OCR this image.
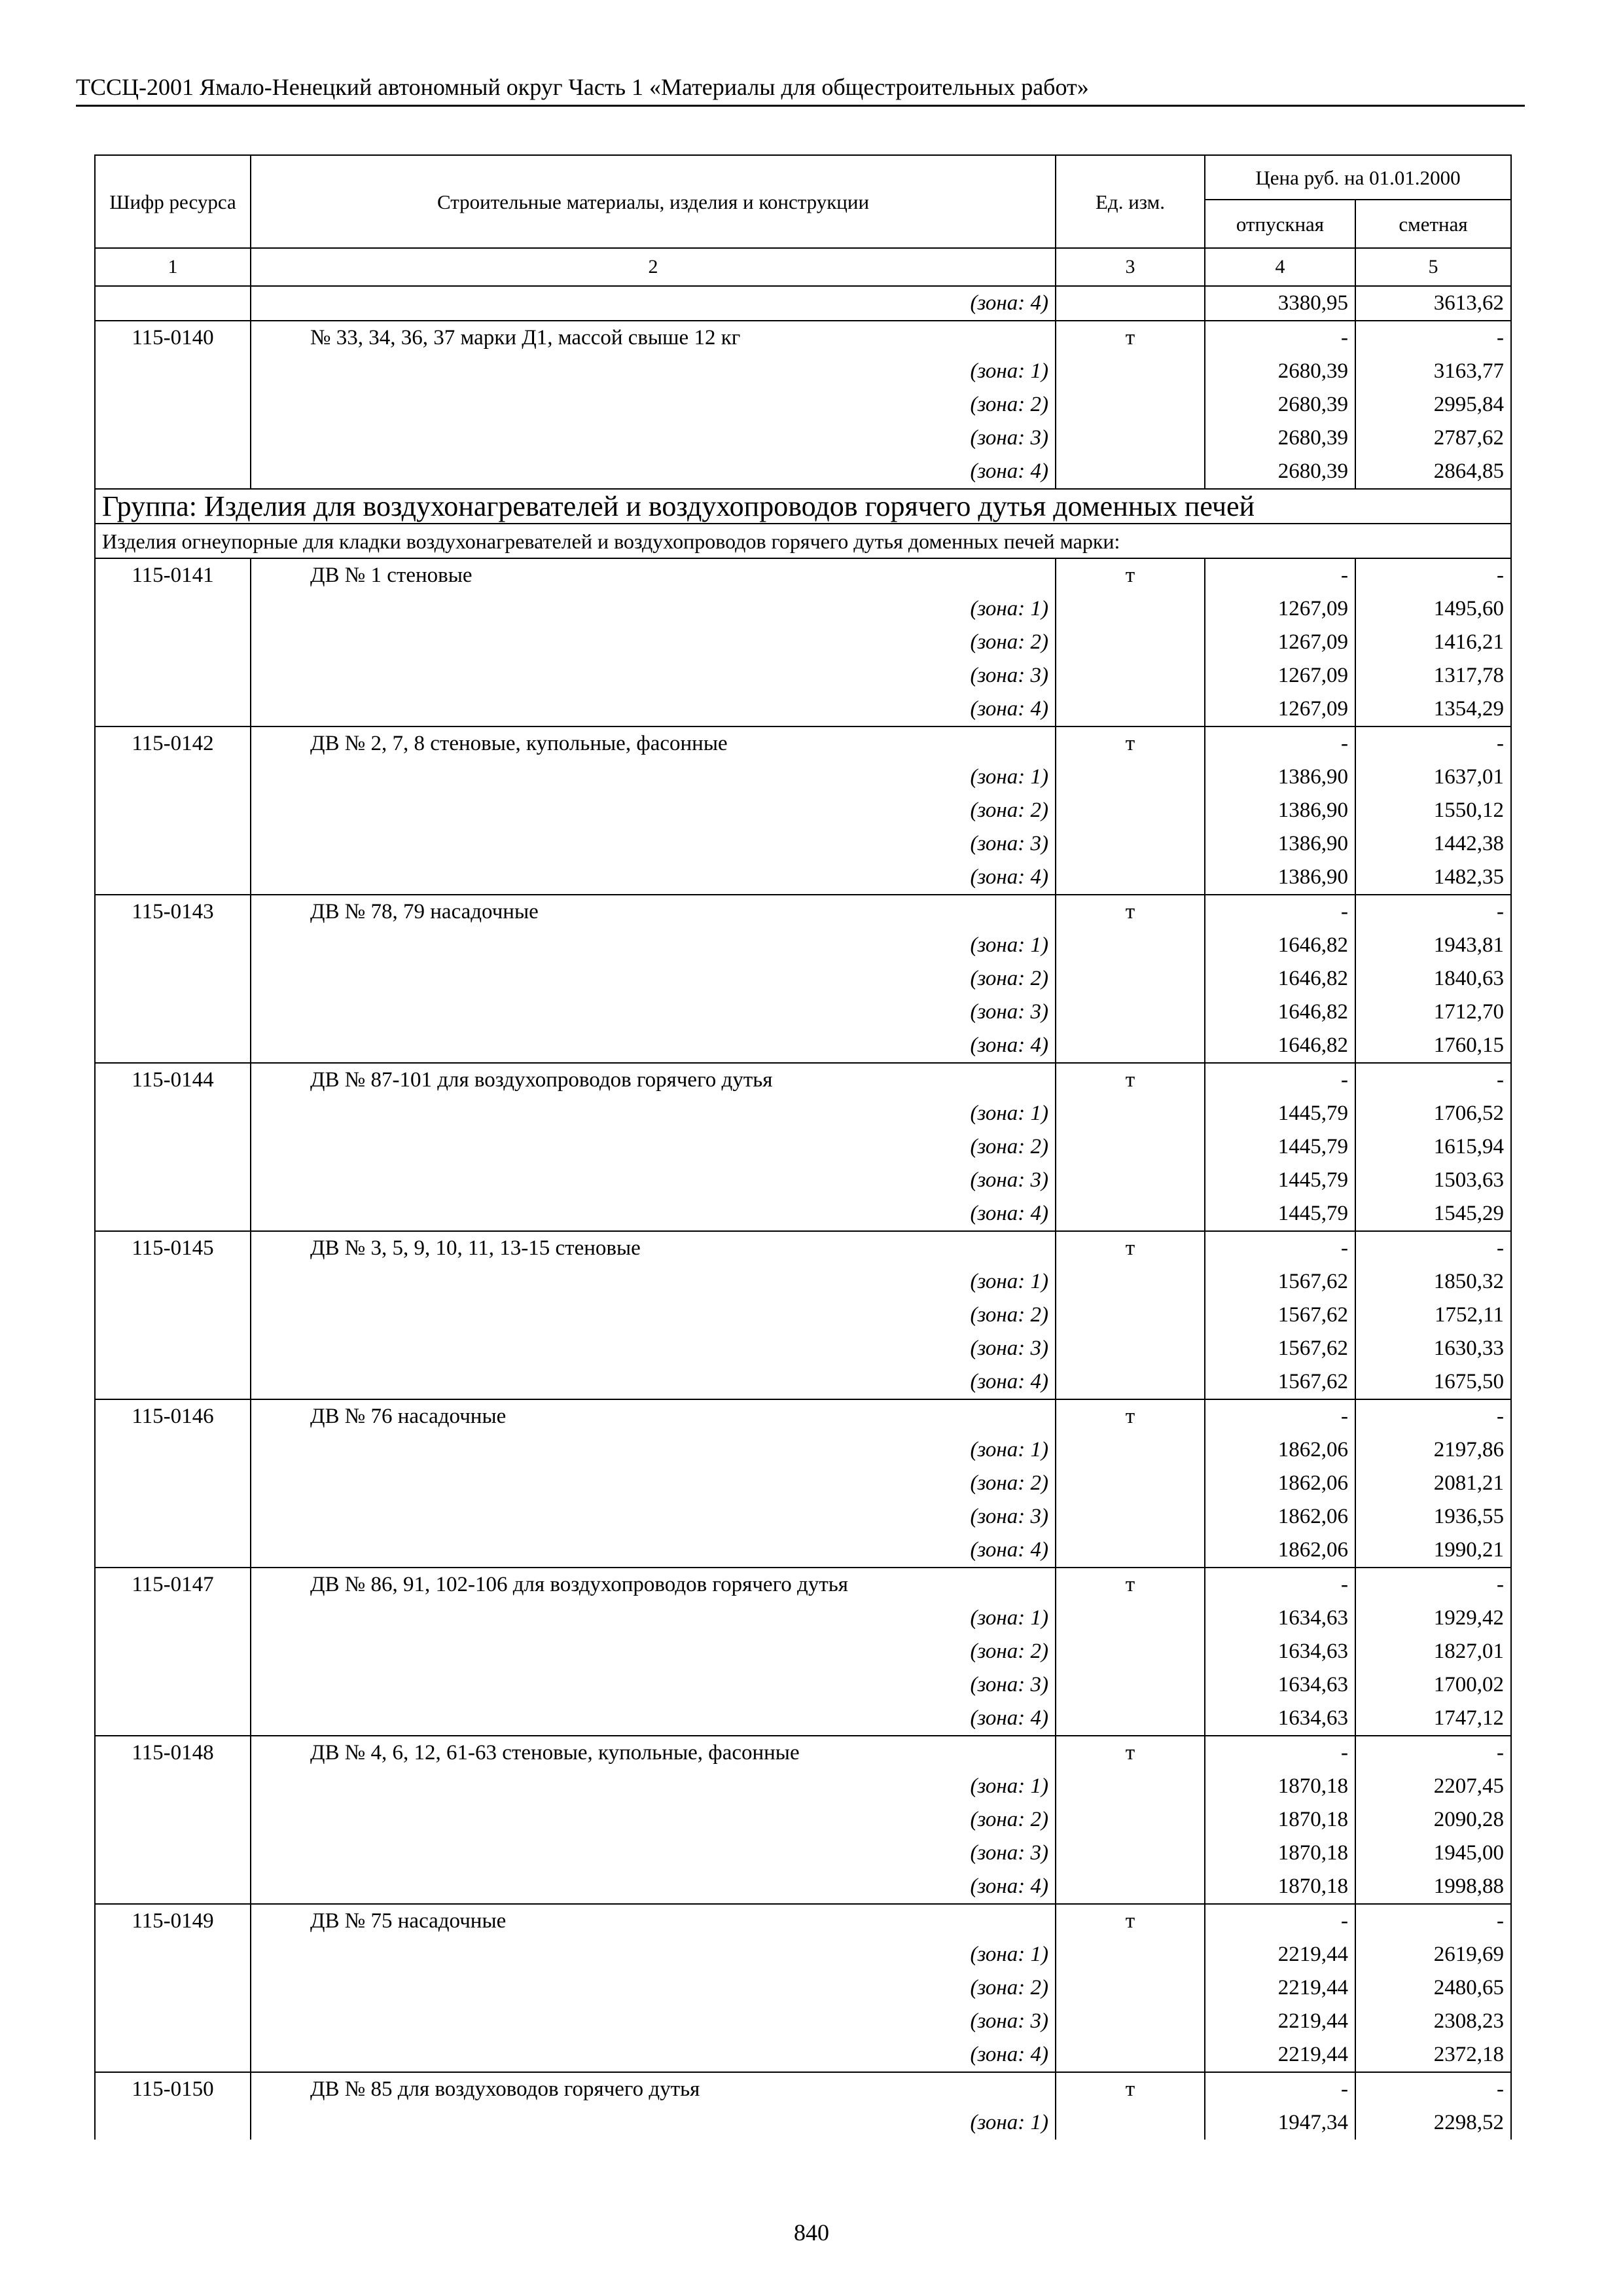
ТССЦ-2001 Ямало-Ненецкий автономный округ Часть 1 «Материалы для общестроительных работ»
Шифр ресурса	Строительные материалы, изделия и конструкции	Ед. изм.	Цена руб. на 01.01.2000	
			отпускная	сметная
1	2	3	4	5
	(зона: 4)		3380,95	3613,62
115-0140	№ 33, 34, 36, 37 марки Д1, массой свыше 12 кг	т	-	-
	(зона: 1)		2680,39	3163,77
	(зона: 2)		2680,39	2995,84
	(зона: 3)		2680,39	2787,62
	(зона: 4)		2680,39	2864,85
Группа: Изделия для воздухонагревателей и воздухопроводов горячего дутья доменных печей				
Изделия огнеупорные для кладки воздухонагревателей и воздухопроводов горячего дутья доменных печей марки:				
115-0141	ДВ № 1 стеновые	т	-	-
	(зона: 1)		1267,09	1495,60
	(зона: 2)		1267,09	1416,21
	(зона: 3)		1267,09	1317,78
	(зона: 4)		1267,09	1354,29
115-0142	ДВ № 2, 7, 8 стеновые, купольные, фасонные	т	-	-
	(зона: 1)		1386,90	1637,01
	(зона: 2)		1386,90	1550,12
	(зона: 3)		1386,90	1442,38
	(зона: 4)		1386,90	1482,35
115-0143	ДВ № 78, 79 насадочные	т	-	-
	(зона: 1)		1646,82	1943,81
	(зона: 2)		1646,82	1840,63
	(зона: 3)		1646,82	1712,70
	(зона: 4)		1646,82	1760,15
115-0144	ДВ № 87-101 для воздухопроводов горячего дутья	т	-	-
	(зона: 1)		1445,79	1706,52
	(зона: 2)		1445,79	1615,94
	(зона: 3)		1445,79	1503,63
	(зона: 4)		1445,79	1545,29
115-0145	ДВ № 3, 5, 9, 10, 11, 13-15 стеновые	т	-	-
	(зона: 1)		1567,62	1850,32
	(зона: 2)		1567,62	1752,11
	(зона: 3)		1567,62	1630,33
	(зона: 4)		1567,62	1675,50
115-0146	ДВ № 76 насадочные	т	-	-
	(зона: 1)		1862,06	2197,86
	(зона: 2)		1862,06	2081,21
	(зона: 3)		1862,06	1936,55
	(зона: 4)		1862,06	1990,21
115-0147	ДВ № 86, 91, 102-106 для воздухопроводов горячего дутья	т	-	-
	(зона: 1)		1634,63	1929,42
	(зона: 2)		1634,63	1827,01
	(зона: 3)		1634,63	1700,02
	(зона: 4)		1634,63	1747,12
115-0148	ДВ № 4, 6, 12, 61-63 стеновые, купольные, фасонные	т	-	-
	(зона: 1)		1870,18	2207,45
	(зона: 2)		1870,18	2090,28
	(зона: 3)		1870,18	1945,00
	(зона: 4)		1870,18	1998,88
115-0149	ДВ № 75 насадочные	т	-	-
	(зона: 1)		2219,44	2619,69
	(зона: 2)		2219,44	2480,65
	(зона: 3)		2219,44	2308,23
	(зона: 4)		2219,44	2372,18
115-0150	ДВ № 85 для воздуховодов горячего дутья	т	-	-
	(зона: 1)		1947,34	2298,52
840
